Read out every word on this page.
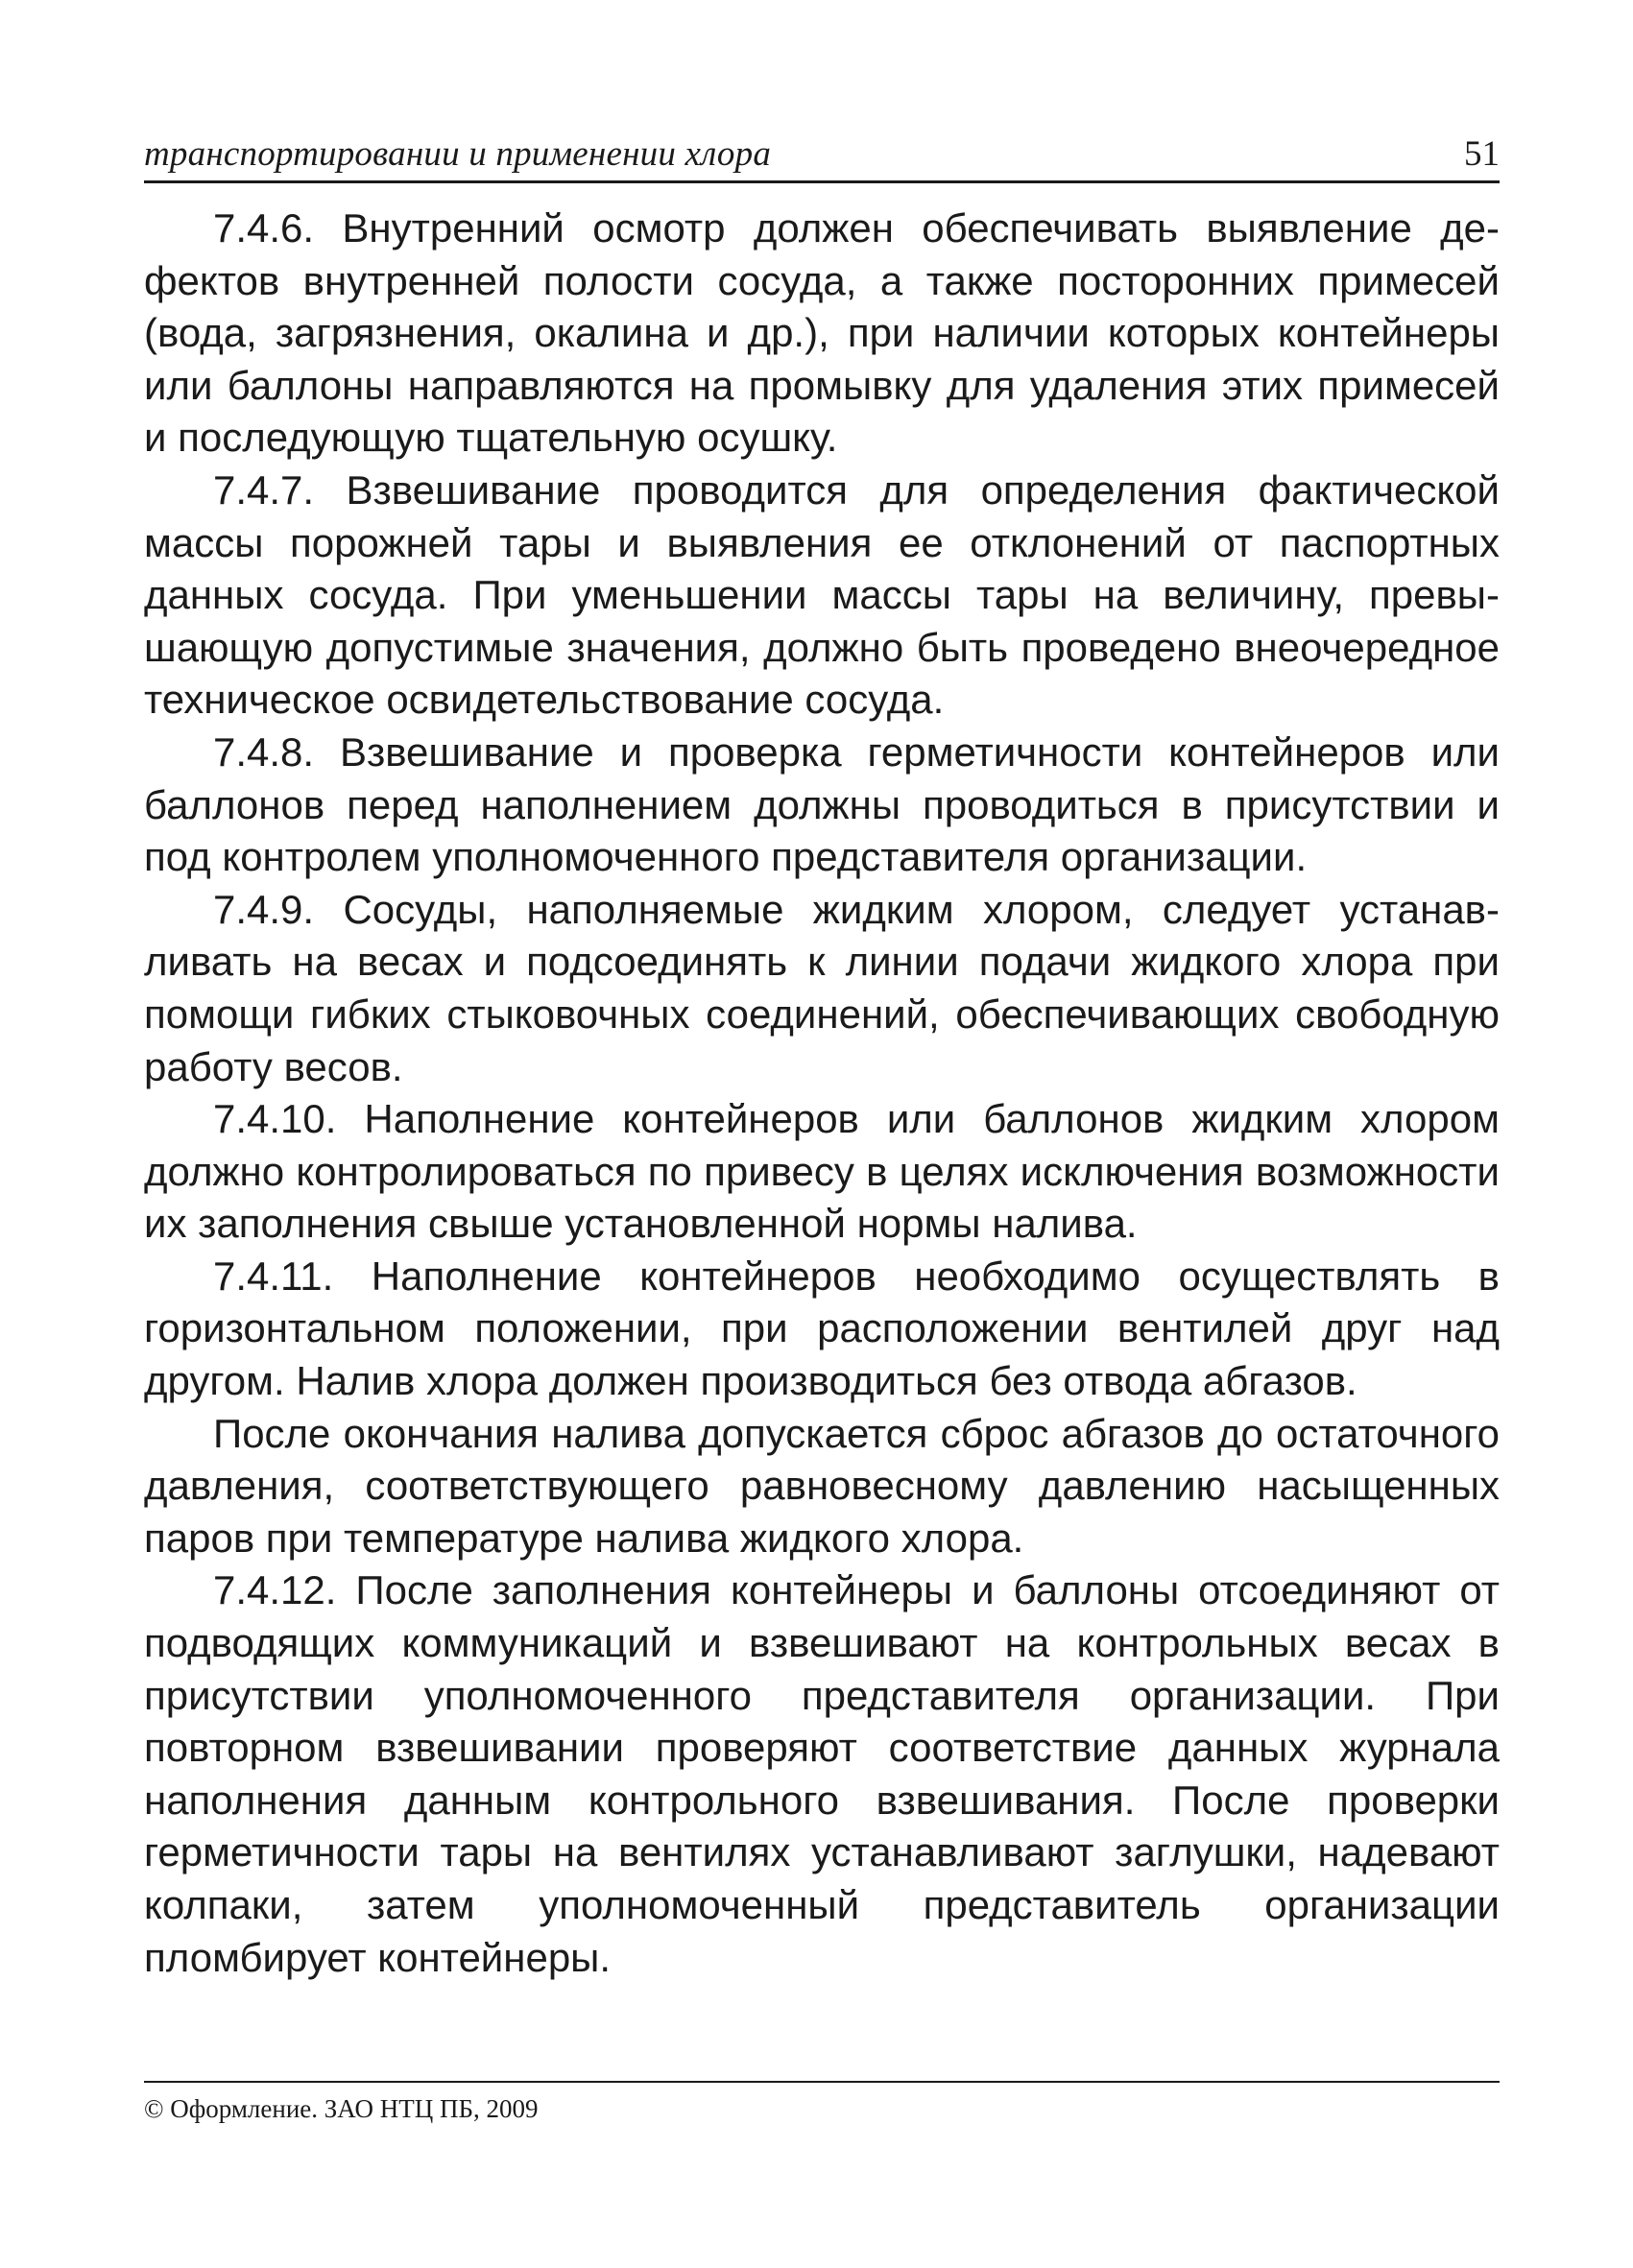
транспортировании и применении хлора	51

7.4.6. Внутренний осмотр должен обеспечивать выявление дефектов внутренней полости сосуда, а также посторонних примесей (вода, загрязнения, окалина и др.), при наличии которых контейнеры или баллоны направляются на промывку для удаления этих примесей и последующую тщательную осушку.

7.4.7. Взвешивание проводится для определения фактической массы порожней тары и выявления ее отклонений от паспортных данных сосуда. При уменьшении массы тары на величину, превышающую допустимые значения, должно быть проведено внеочередное техническое освидетельствование сосуда.

7.4.8. Взвешивание и проверка герметичности контейнеров или баллонов перед наполнением должны проводиться в присутствии и под контролем уполномоченного представителя организации.

7.4.9. Сосуды, наполняемые жидким хлором, следует устанавливать на весах и подсоединять к линии подачи жидкого хлора при помощи гибких стыковочных соединений, обеспечивающих свободную работу весов.

7.4.10. Наполнение контейнеров или баллонов жидким хлором должно контролироваться по привесу в целях исключения возможности их заполнения свыше установленной нормы налива.

7.4.11. Наполнение контейнеров необходимо осуществлять в горизонтальном положении, при расположении вентилей друг над другом. Налив хлора должен производиться без отвода абгазов.

После окончания налива допускается сброс абгазов до остаточного давления, соответствующего равновесному давлению насыщенных паров при температуре налива жидкого хлора.

7.4.12. После заполнения контейнеры и баллоны отсоединяют от подводящих коммуникаций и взвешивают на контрольных весах в присутствии уполномоченного представителя организации. При повторном взвешивании проверяют соответствие данных журнала наполнения данным контрольного взвешивания. После проверки герметичности тары на вентилях устанавливают заглушки, надевают колпаки, затем уполномоченный представитель организации пломбирует контейнеры.

© Оформление. ЗАО НТЦ ПБ, 2009
